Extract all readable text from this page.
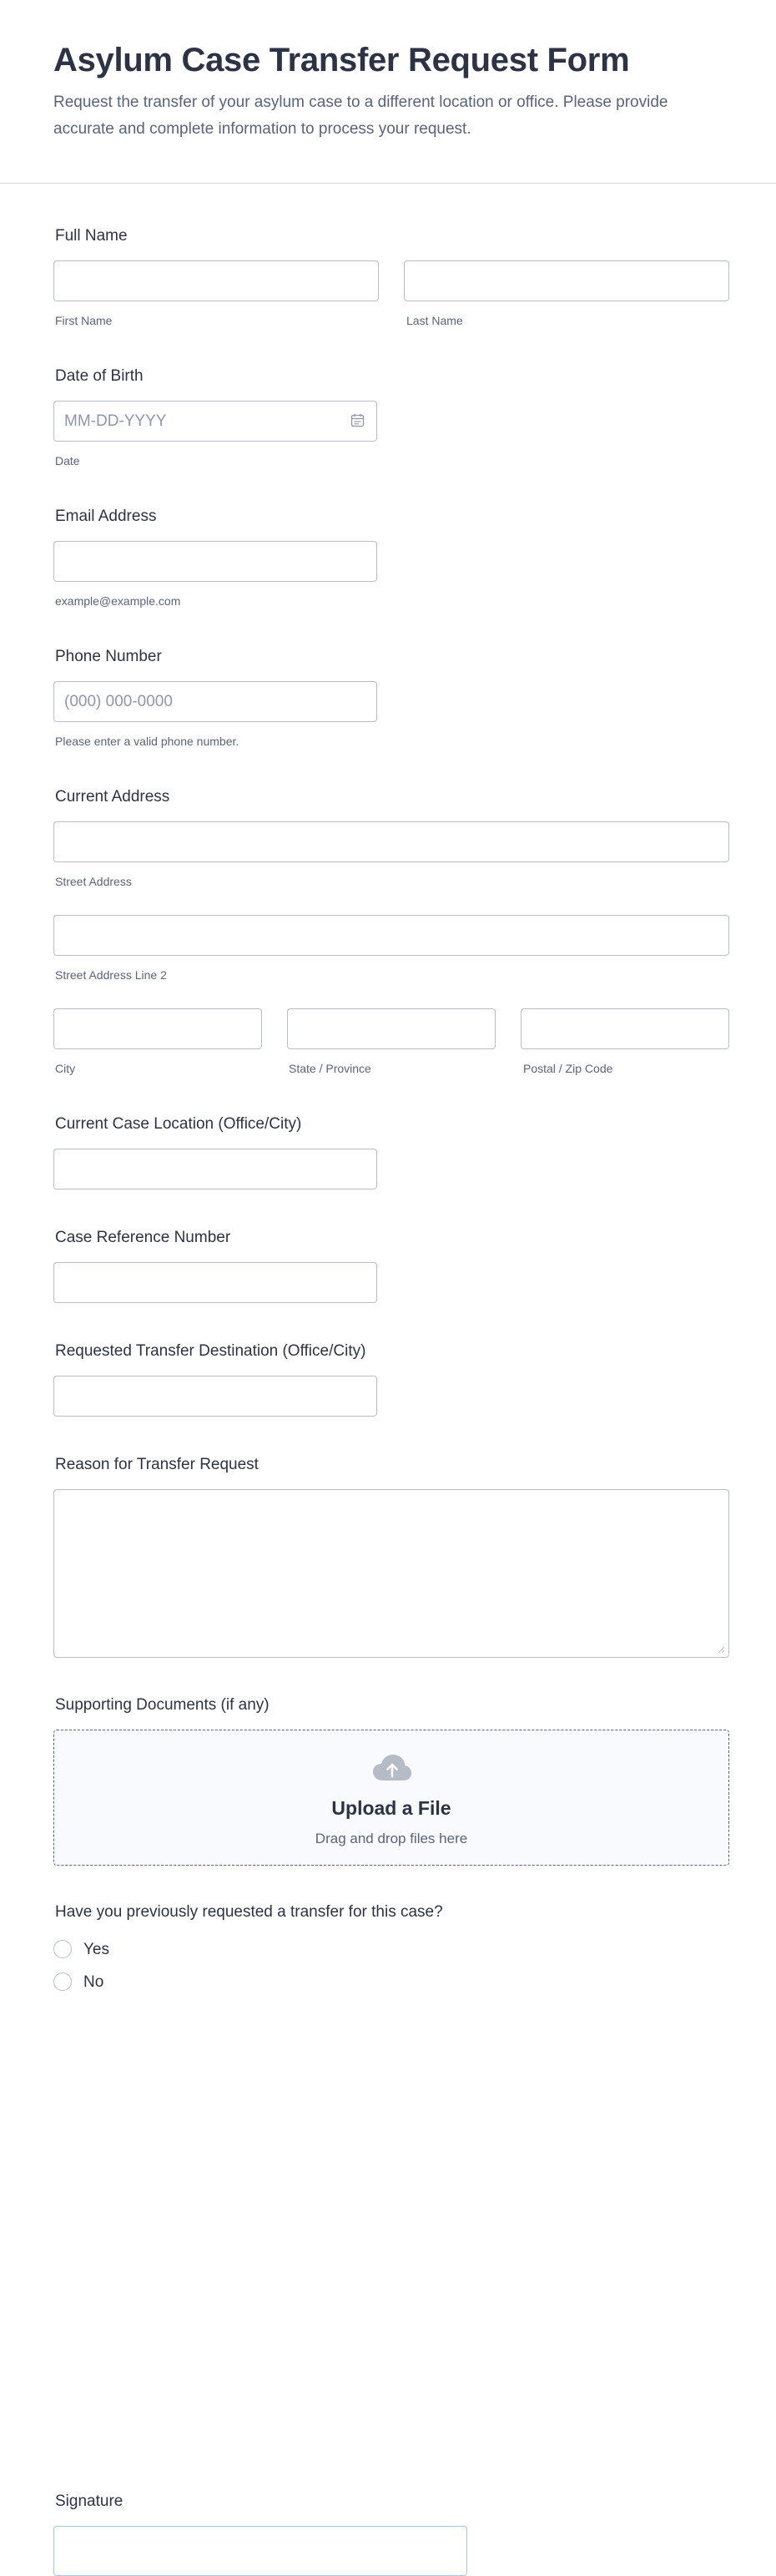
Asylum Case Transfer Request Form

Request the transfer of your asylum case to a different location or office. Please provide accurate and complete information to process your request.

Full Name

First Name	Last Name

Date of Birth

MM-DD-YYYY

Date

Email Address

example@example.com

Phone Number

(000) 000-0000

Please enter a valid phone number.

Current Address

Street Address

Street Address Line 2

City	State / Province	Postal / Zip Code

Current Case Location (Office/City)

Case Reference Number

Requested Transfer Destination (Office/City)

Reason for Transfer Request

Supporting Documents (if any)

Upload a File
Drag and drop files here

Have you previously requested a transfer for this case?

Yes
No

Signature
